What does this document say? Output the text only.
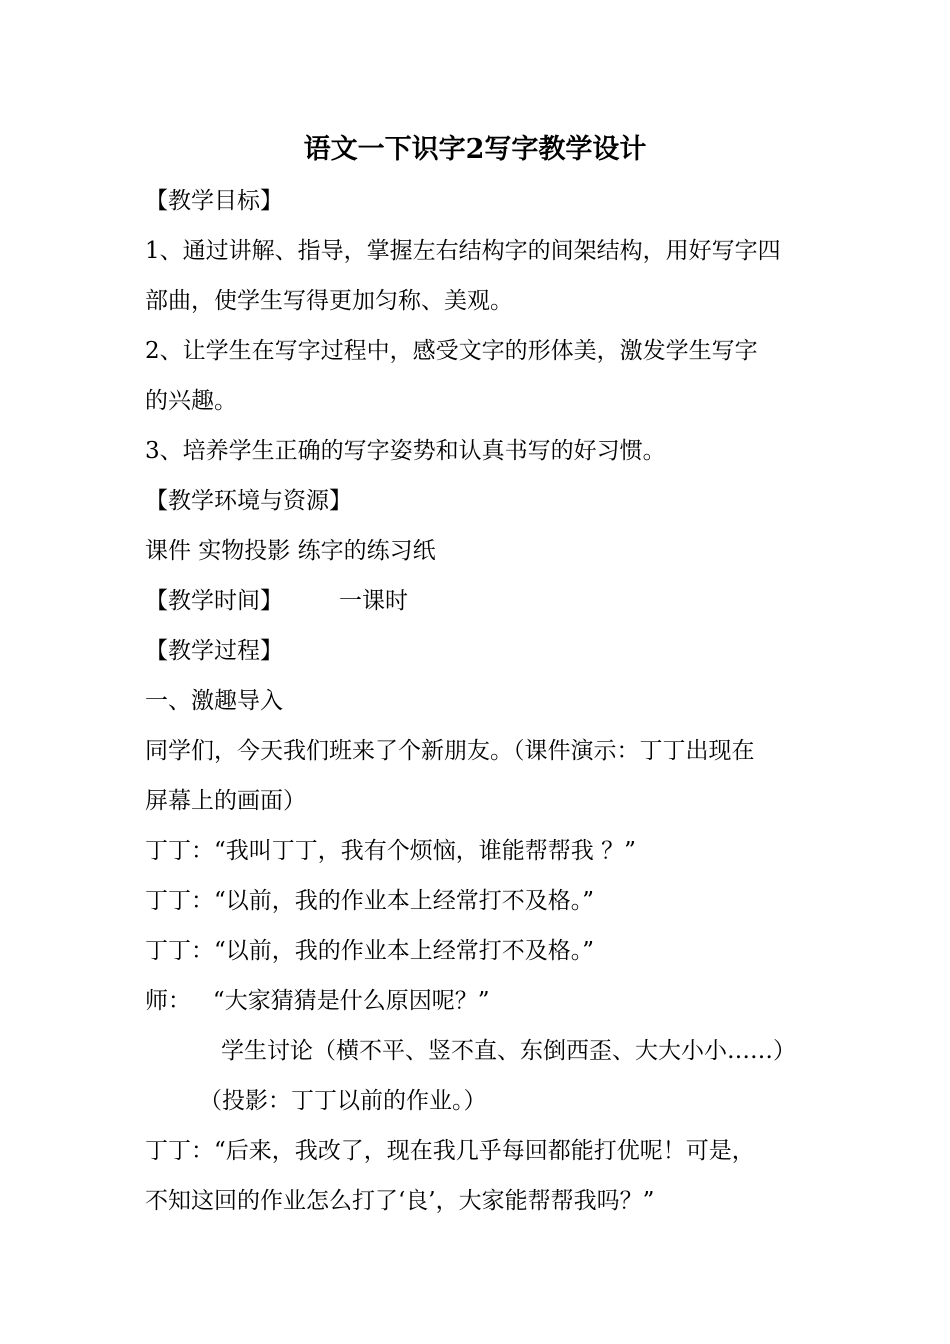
语文一下识字2写字教学设计

【教学目标】

1、通过讲解、指导，掌握左右结构字的间架结构，用好写字四

部曲，使学生写得更加匀称、美观。

2、让学生在写字过程中，感受文字的形体美，激发学生写字

的兴趣。

3、培养学生正确的写字姿势和认真书写的好习惯。

【教学环境与资源】

课件 实物投影 练字的练习纸

【教学时间】 一课时

【教学过程】

一、激趣导入

同学们，今天我们班来了个新朋友。（课件演示：丁丁出现在

屏幕上的画面）

丁丁：“我叫丁丁，我有个烦恼，谁能帮帮我 ？”

丁丁：“以前，我的作业本上经常打不及格。”

丁丁：“以前，我的作业本上经常打不及格。”

师：   “大家猜猜是什么原因呢？”

学生讨论（横不平、竖不直、东倒西歪、大大小小……）

（投影：丁丁以前的作业。）

丁丁：“后来，我改了，现在我几乎每回都能打优呢！可是，

不知这回的作业怎么打了‘良’，大家能帮帮我吗？”
